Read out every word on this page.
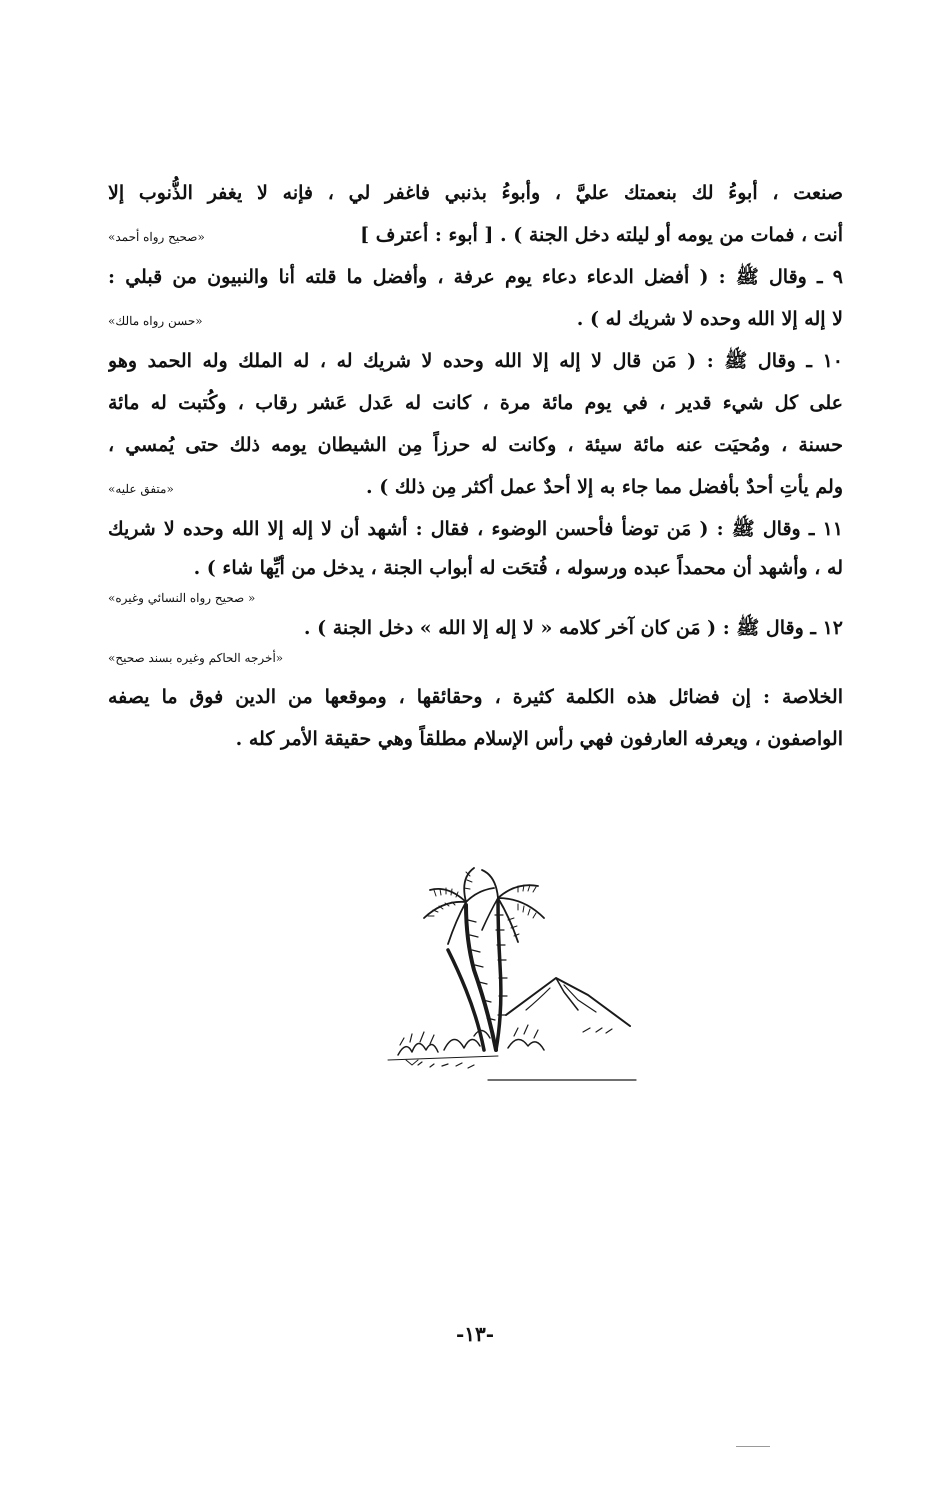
صنعت ، أبوءُ لك بنعمتك عليَّ ، وأبوءُ بذنبي فاغفر لي ، فإنه لا يغفر الذُّنوب إلا
أنت ، فمات من يومه أو ليلته دخل الجنة ) . [ أبوء : أعترف ]
«صحيح رواه أحمد»
٩ ـ وقال ﷺ : ( أفضل الدعاء دعاء يوم عرفة ، وأفضل ما قلته أنا والنبيون من قبلي :
لا إله إلا الله وحده لا شريك له ) .
«حسن رواه مالك»
١٠ ـ وقال ﷺ : ( مَن قال لا إله إلا الله وحده لا شريك له ، له الملك وله الحمد وهو
على كل شيء قدير ، في يوم مائة مرة ، كانت له عَدل عَشر رقاب ، وكُتبت له مائة
حسنة ، ومُحيَت عنه مائة سيئة ، وكانت له حرزاً مِن الشيطان يومه ذلك حتى يُمسي ،
ولم يأتِ أحدٌ بأفضل مما جاء به إلا أحدٌ عمل أكثر مِن ذلك ) .
«متفق عليه»
١١ ـ وقال ﷺ : ( مَن توضأ فأحسن الوضوء ، فقال : أشهد أن لا إله إلا الله وحده لا شريك
له ، وأشهد أن محمداً عبده ورسوله ، فُتحَت له أبواب الجنة ، يدخل من أيِّها شاء ) .
« صحيح رواه النسائي وغيره»
١٢ ـ وقال ﷺ : ( مَن كان آخر كلامه « لا إله إلا الله » دخل الجنة ) .
«أخرجه الحاكم وغيره بسند صحيح»
الخلاصة : إن فضائل هذه الكلمة كثيرة ، وحقائقها ، وموقعها من الدين فوق ما يصفه
الواصفون ، ويعرفه العارفون فهي رأس الإسلام مطلقاً وهي حقيقة الأمر كله .
-١٣-
